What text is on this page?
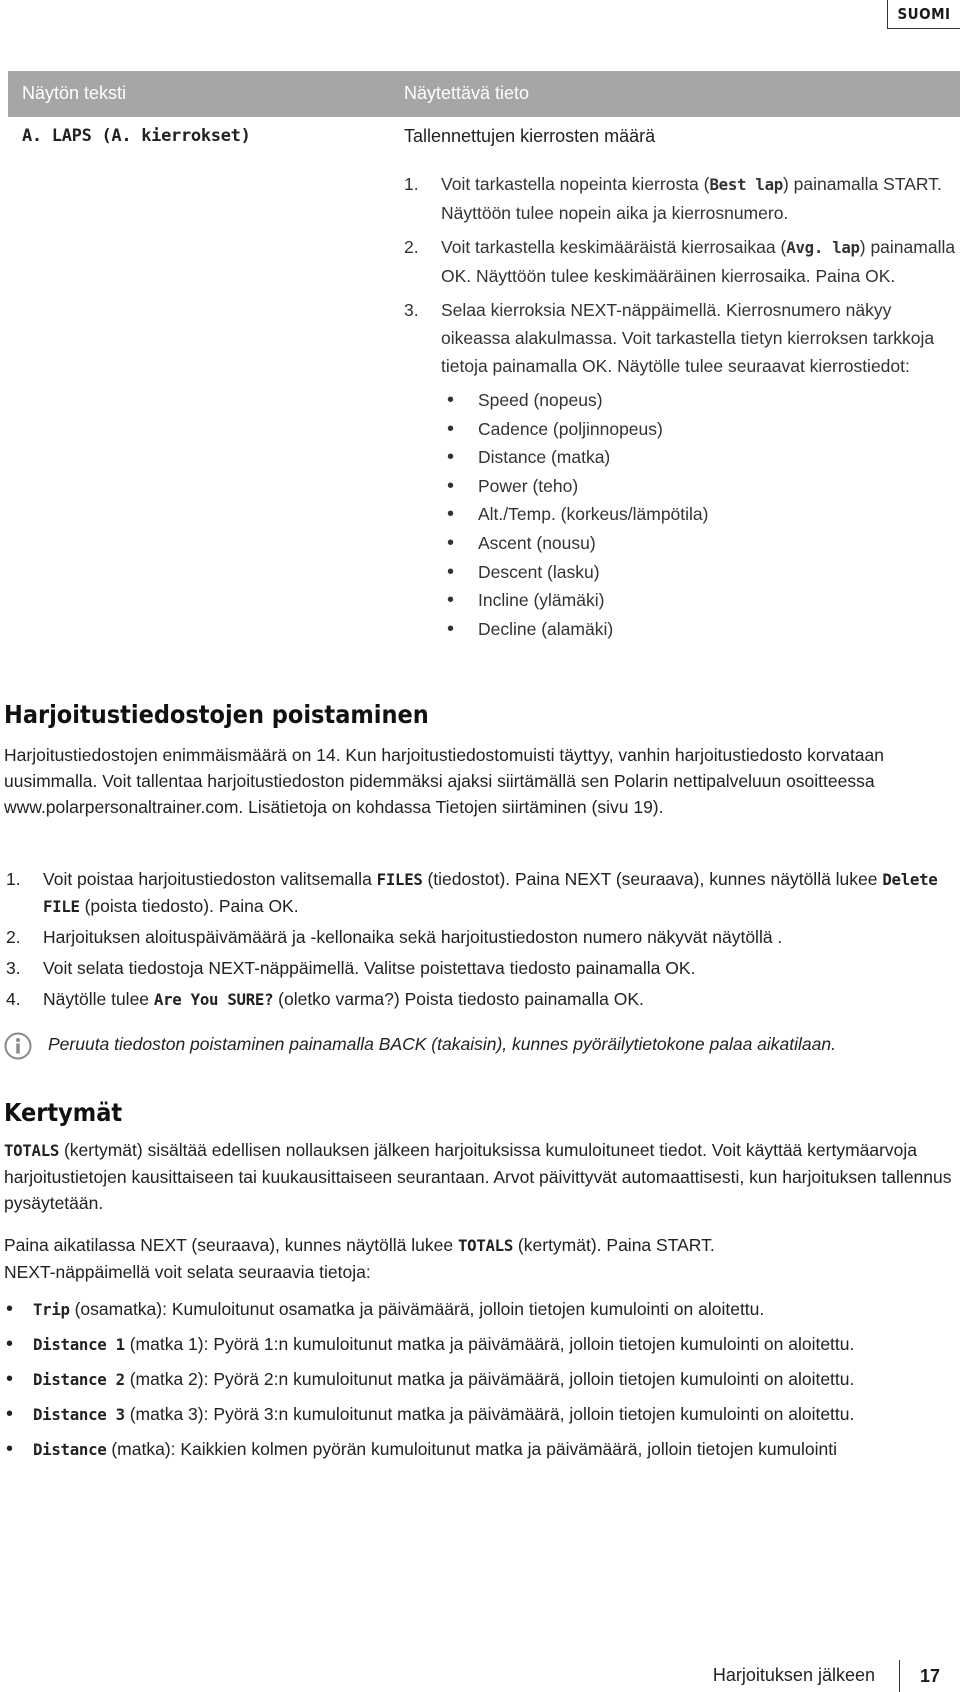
SUOMI
Näytön teksti	Näytettävä tieto
A. LAPS (A. kierrokset)	Tallennettujen kierrosten määrä
1. Voit tarkastella nopeinta kierrosta (Best lap) painamalla START. Näyttöön tulee nopein aika ja kierrosnumero.
2. Voit tarkastella keskimääräistä kierrosaikaa (Avg. lap) painamalla OK. Näyttöön tulee keskimääräinen kierrosaika. Paina OK.
3. Selaa kierroksia NEXT-näppäimellä. Kierrosnumero näkyy oikeassa alakulmassa. Voit tarkastella tietyn kierroksen tarkkoja tietoja painamalla OK. Näytölle tulee seuraavat kierrostiedot:
• Speed (nopeus)
• Cadence (poljinnopeus)
• Distance (matka)
• Power (teho)
• Alt./Temp. (korkeus/lämpötila)
• Ascent (nousu)
• Descent (lasku)
• Incline (ylämäki)
• Decline (alamäki)
Harjoitustiedostojen poistaminen
Harjoitustiedostojen enimmäismäärä on 14. Kun harjoitustiedostomuisti täyttyy, vanhin harjoitustiedosto korvataan uusimmalla. Voit tallentaa harjoitustiedoston pidemmäksi ajaksi siirtämällä sen Polarin nettipalveluun osoitteessa www.polarpersonaltrainer.com. Lisätietoja on kohdassa Tietojen siirtäminen (sivu 19).
1. Voit poistaa harjoitustiedoston valitsemalla FILES (tiedostot). Paina NEXT (seuraava), kunnes näytöllä lukee Delete FILE (poista tiedosto). Paina OK.
2. Harjoituksen aloituspäivämäärä ja -kellonaika sekä harjoitustiedoston numero näkyvät näytöllä .
3. Voit selata tiedostoja NEXT-näppäimellä. Valitse poistettava tiedosto painamalla OK.
4. Näytölle tulee Are You SURE? (oletko varma?) Poista tiedosto painamalla OK.
Peruuta tiedoston poistaminen painamalla BACK (takaisin), kunnes pyöräilytietokone palaa aikatilaan.
Kertymät
TOTALS (kertymät) sisältää edellisen nollauksen jälkeen harjoituksissa kumuloituneet tiedot. Voit käyttää kertymäarvoja harjoitustietojen kausittaiseen tai kuukausittaiseen seurantaan. Arvot päivittyvät automaattisesti, kun harjoituksen tallennus pysäytetään.
Paina aikatilassa NEXT (seuraava), kunnes näytöllä lukee TOTALS (kertymät). Paina START.
NEXT-näppäimellä voit selata seuraavia tietoja:
• Trip (osamatka): Kumuloitunut osamatka ja päivämäärä, jolloin tietojen kumulointi on aloitettu.
• Distance 1 (matka 1): Pyörä 1:n kumuloitunut matka ja päivämäärä, jolloin tietojen kumulointi on aloitettu.
• Distance 2 (matka 2): Pyörä 2:n kumuloitunut matka ja päivämäärä, jolloin tietojen kumulointi on aloitettu.
• Distance 3 (matka 3): Pyörä 3:n kumuloitunut matka ja päivämäärä, jolloin tietojen kumulointi on aloitettu.
• Distance (matka): Kaikkien kolmen pyörän kumuloitunut matka ja päivämäärä, jolloin tietojen kumulointi
Harjoituksen jälkeen	17
